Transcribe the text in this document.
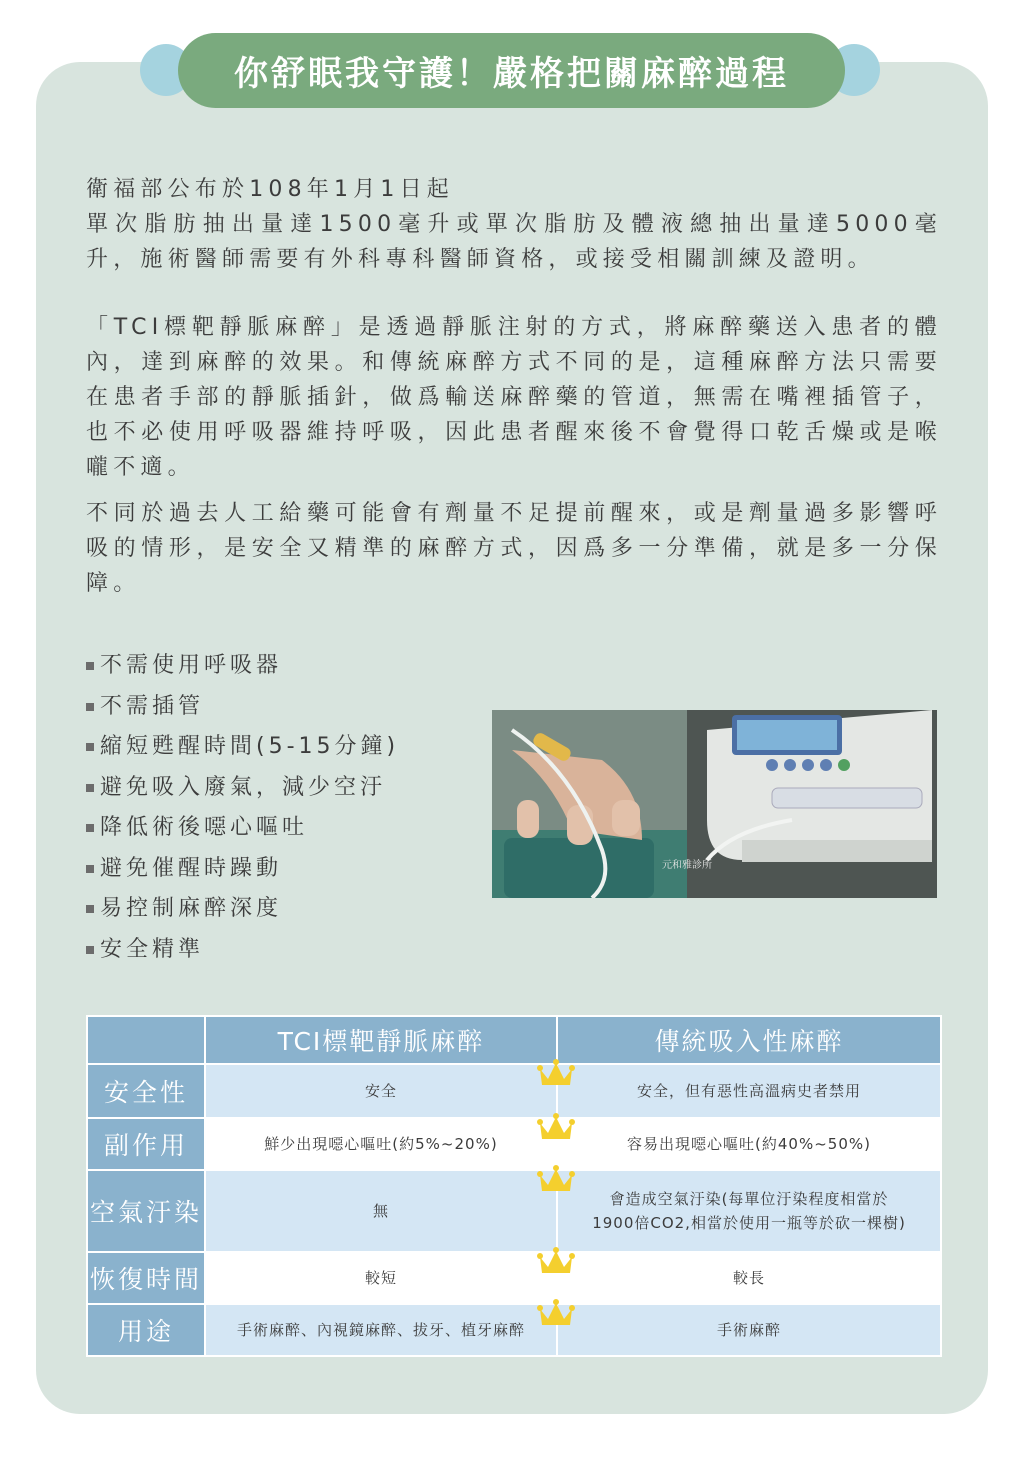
你舒眠我守護！嚴格把關麻醉過程

衛福部公布於108年1月1日起
單次脂肪抽出量達1500毫升或單次脂肪及體液總抽出量達5000毫升，施術醫師需要有外科專科醫師資格，或接受相關訓練及證明。

「TCI標靶靜脈麻醉」是透過靜脈注射的方式，將麻醉藥送入患者的體內，達到麻醉的效果。和傳統麻醉方式不同的是，這種麻醉方法只需要在患者手部的靜脈插針，做爲輸送麻醉藥的管道，無需在嘴裡插管子，也不必使用呼吸器維持呼吸，因此患者醒來後不會覺得口乾舌燥或是喉嚨不適。

不同於過去人工給藥可能會有劑量不足提前醒來，或是劑量過多影響呼吸的情形，是安全又精準的麻醉方式，因爲多一分準備，就是多一分保障。

不需使用呼吸器
不需插管
縮短甦醒時間(5-15分鐘)
避免吸入廢氣，減少空汙
降低術後噁心嘔吐
避免催醒時躁動
易控制麻醉深度
安全精準
元和雅診所
	TCI標靶靜脈麻醉	傳統吸入性麻醉
安全性	安全	安全，但有惡性高溫病史者禁用
副作用	鮮少出現噁心嘔吐(約5%~20%)	容易出現噁心嘔吐(約40%~50%)
空氣汙染	無	會造成空氣汙染(每單位汙染程度相當於
1900倍CO2,相當於使用一瓶等於砍一棵樹)
恢復時間	較短	較長
用途	手術麻醉、內視鏡麻醉、拔牙、植牙麻醉	手術麻醉
